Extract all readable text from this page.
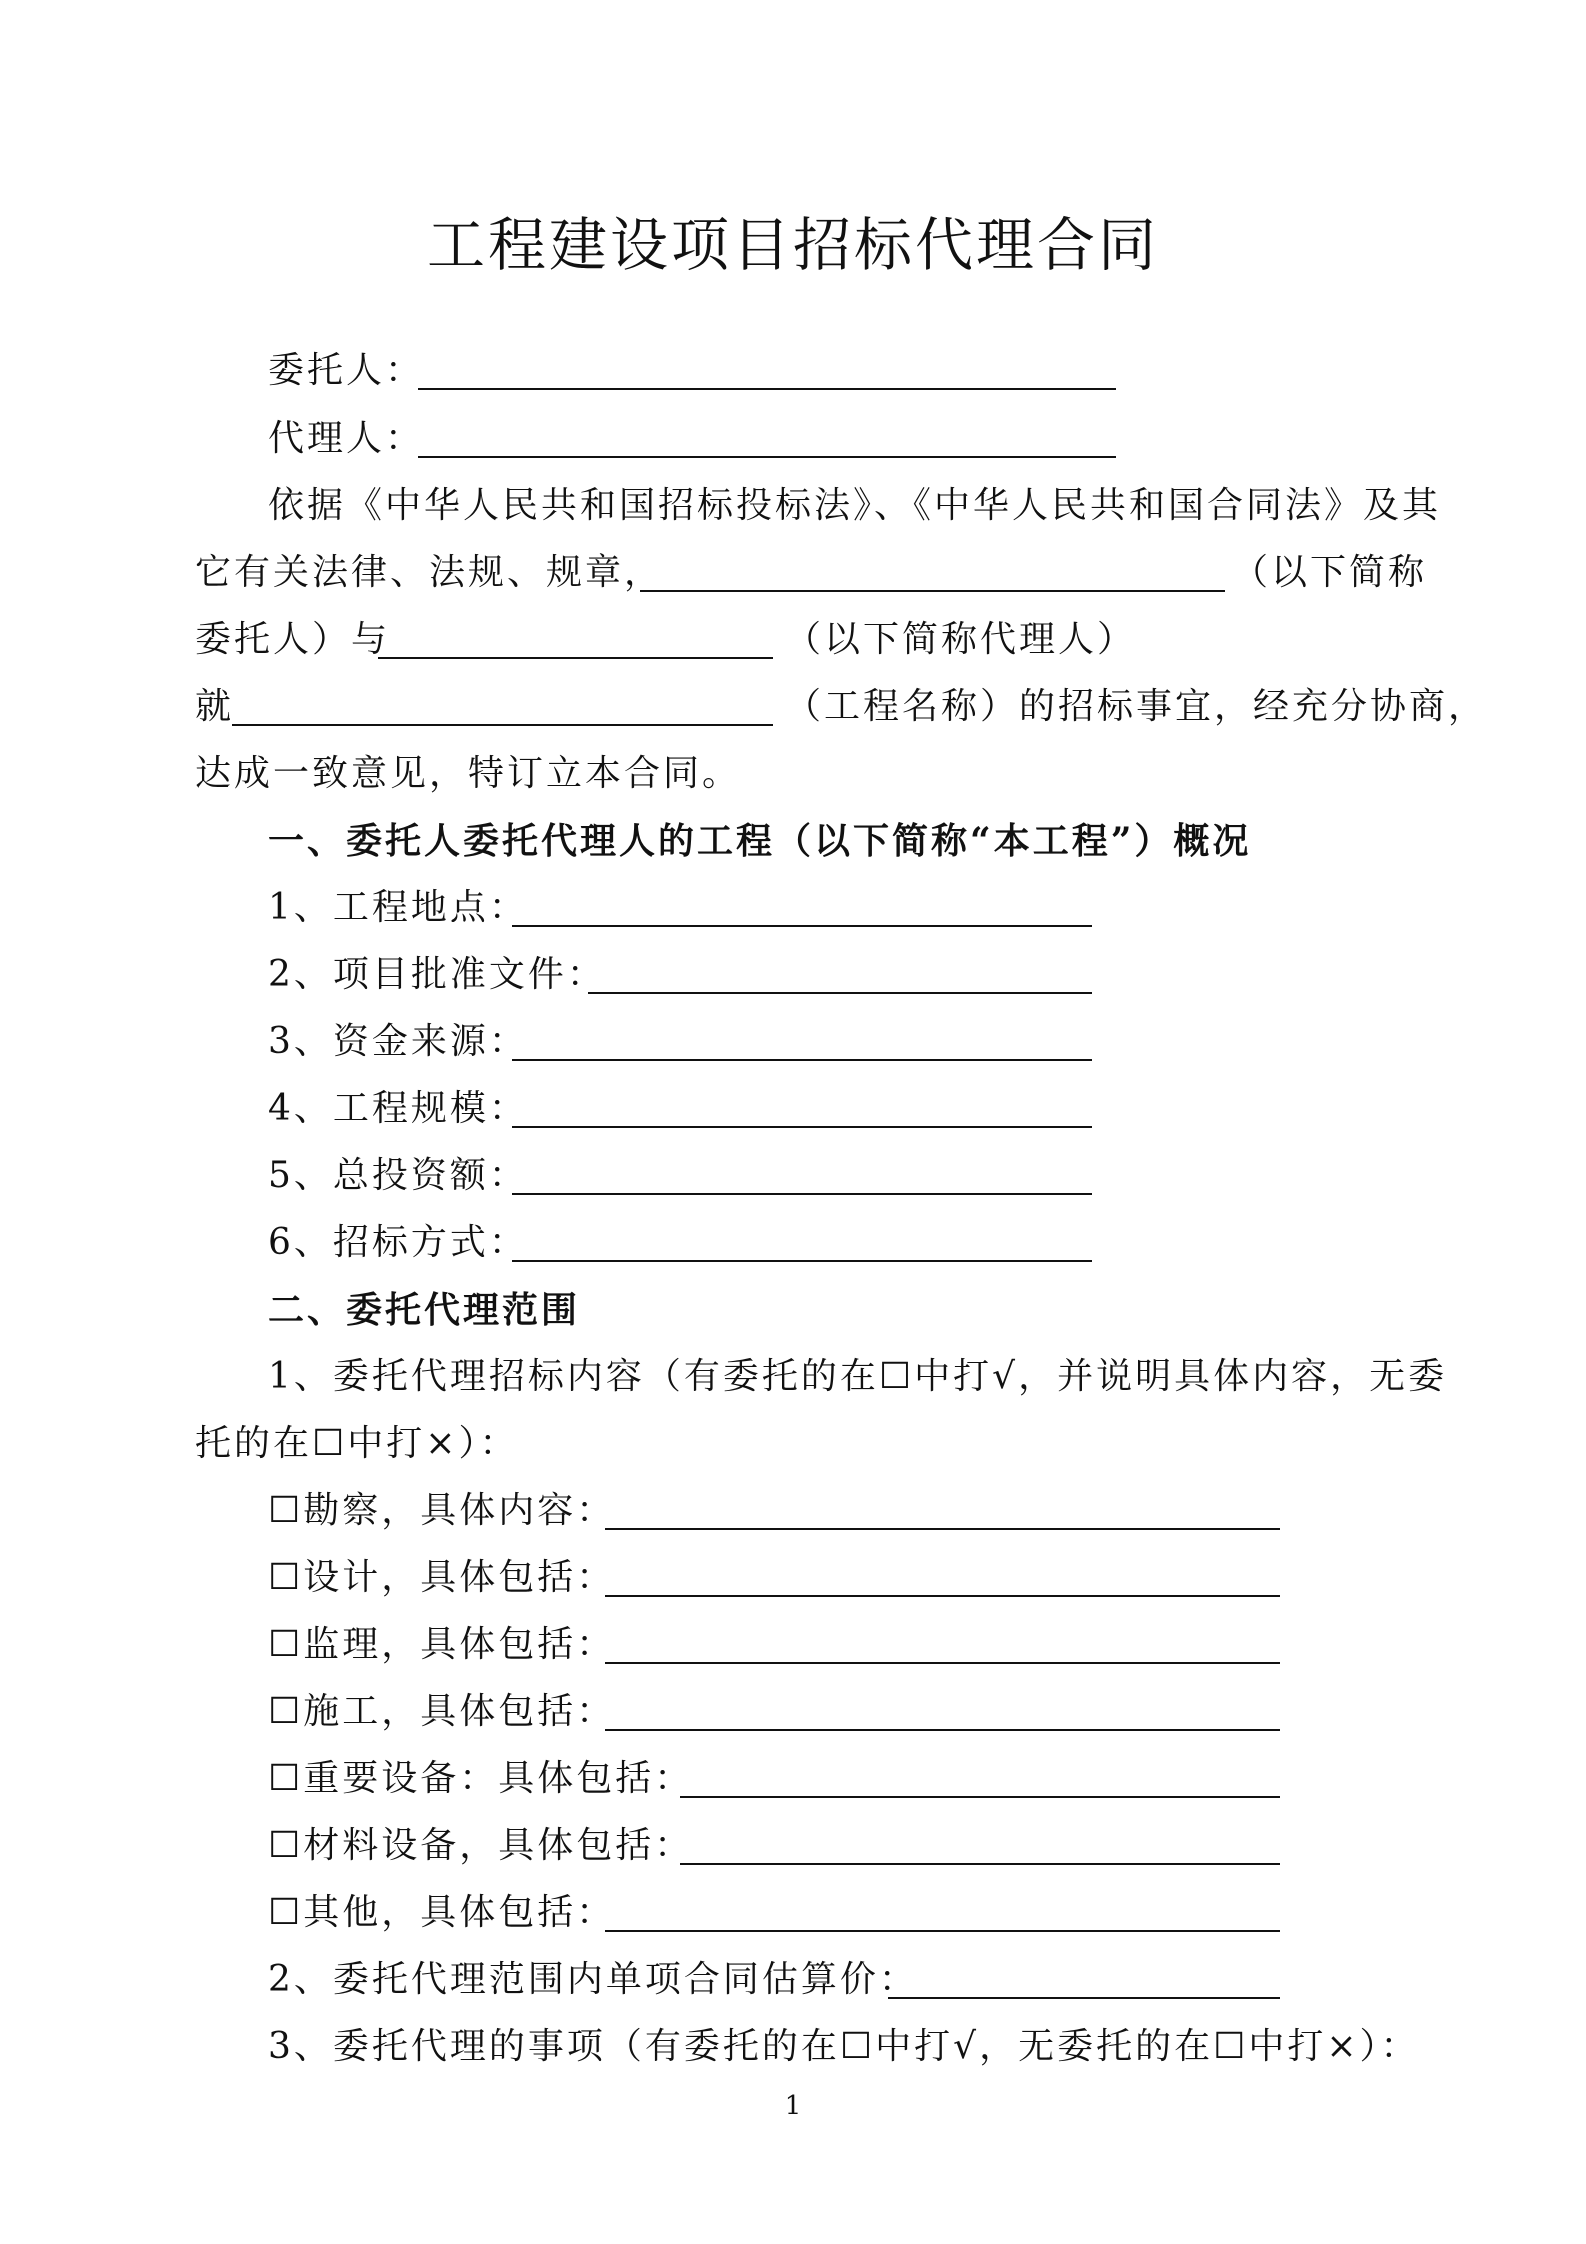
工程建设项目招标代理合同
委托人：
代理人：
依据《中华人民共和国招标投标法》、《中华人民共和国合同法》及其
它有关法律、法规、规章，	（以下简称
委托人）与	（以下简称代理人）
就	（工程名称）的招标事宜，经充分协商，
达成一致意见，特订立本合同。
一、委托人委托代理人的工程（以下简称“本工程”）概况
1、工程地点：
2、项目批准文件：
3、资金来源：
4、工程规模：
5、总投资额：
6、招标方式：
二、委托代理范围
1、委托代理招标内容（有委托的在☐中打√，并说明具体内容，无委
托的在☐中打×）：
☐勘察，具体内容：
☐设计，具体包括：
☐监理，具体包括：
☐施工，具体包括：
☐重要设备：具体包括：
☐材料设备，具体包括：
☐其他，具体包括：
2、委托代理范围内单项合同估算价：
3、委托代理的事项（有委托的在☐中打√，无委托的在☐中打×）：
1
